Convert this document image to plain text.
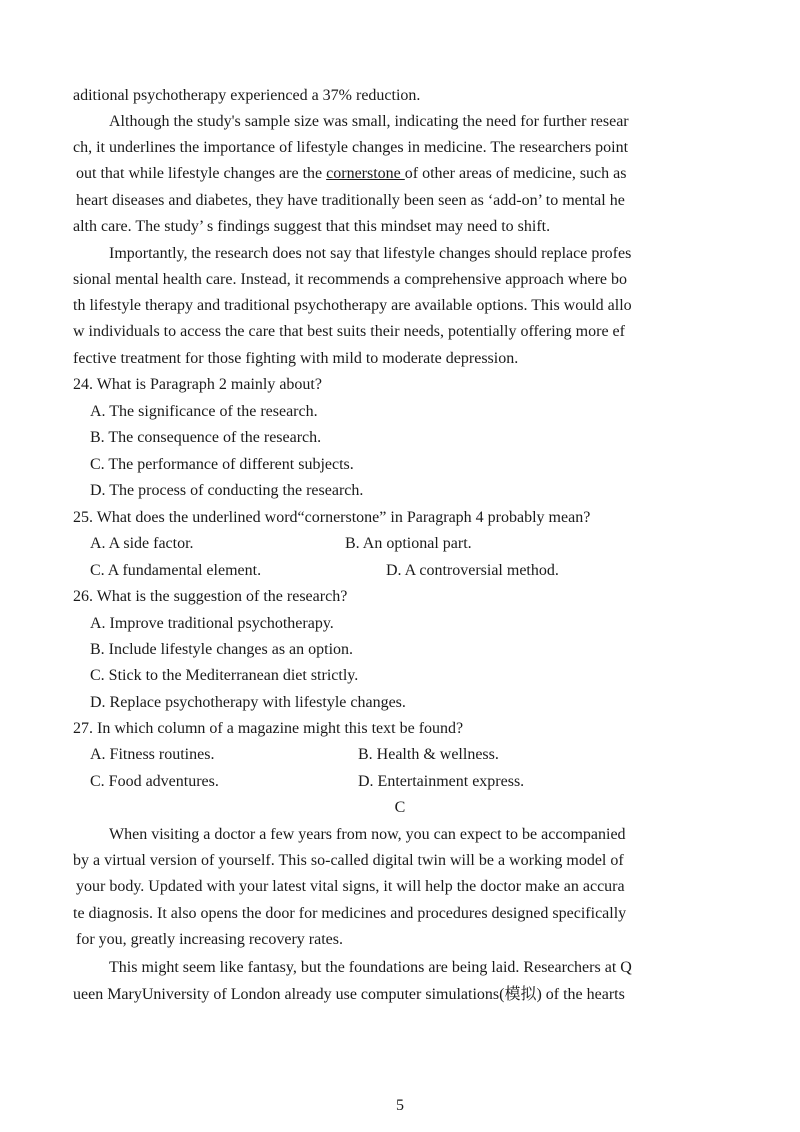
aditional psychotherapy experienced a 37% reduction.
Although the study's sample size was small, indicating the need for further resear
ch, it underlines the importance of lifestyle changes in medicine. The researchers point
out that while lifestyle changes are the cornerstone of other areas of medicine, such as
heart diseases and diabetes, they have traditionally been seen as ‘add-on’ to mental he
alth care. The study’ s findings suggest that this mindset may need to shift.
Importantly, the research does not say that lifestyle changes should replace profes
sional mental health care. Instead, it recommends a comprehensive approach where bo
th lifestyle therapy and traditional psychotherapy are available options. This would allo
w individuals to access the care that best suits their needs, potentially offering more ef
fective treatment for those fighting with mild to moderate depression.
24. What is Paragraph 2 mainly about?
A. The significance of the research.
B. The consequence of the research.
C. The performance of different subjects.
D. The process of conducting the research.
25. What does the underlined word“cornerstone” in Paragraph 4 probably mean?
A. A side factor.	B. An optional part.
C. A fundamental element.	D. A controversial method.
26. What is the suggestion of the research?
A. Improve traditional psychotherapy.
B. Include lifestyle changes as an option.
C. Stick to the Mediterranean diet strictly.
D. Replace psychotherapy with lifestyle changes.
27. In which column of a magazine might this text be found?
A. Fitness routines.	B. Health & wellness.
C. Food adventures.	D. Entertainment express.
C
When visiting a doctor a few years from now, you can expect to be accompanied
by a virtual version of yourself. This so-called digital twin will be a working model of
your body. Updated with your latest vital signs, it will help the doctor make an accura
te diagnosis. It also opens the door for medicines and procedures designed specifically
for you, greatly increasing recovery rates.
This might seem like fantasy, but the foundations are being laid. Researchers at Q
ueen MaryUniversity of London already use computer simulations(模拟) of the hearts
5
